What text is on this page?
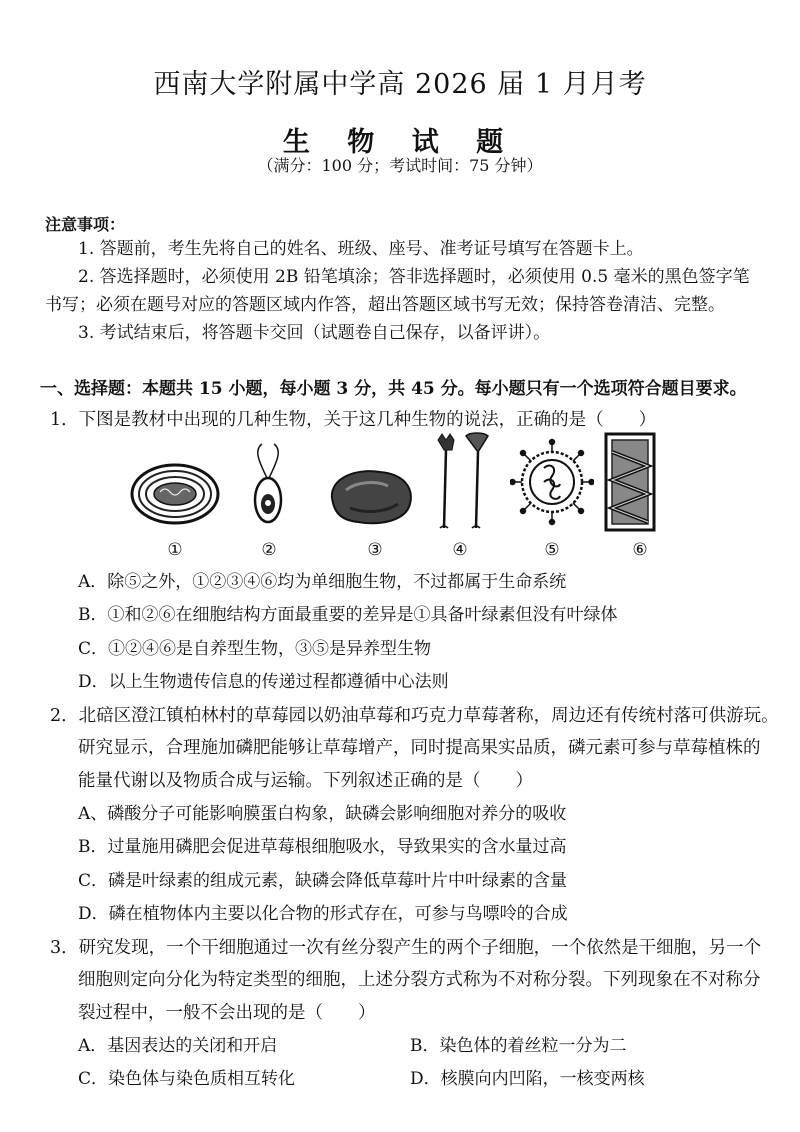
西南大学附属中学高 2026 届 1 月月考
生 物 试 题
（满分：100 分；考试时间：75 分钟）
注意事项：
1. 答题前，考生先将自己的姓名、班级、座号、准考证号填写在答题卡上。
2. 答选择题时，必须使用 2B 铅笔填涂；答非选择题时，必须使用 0.5 毫米的黑色签字笔
书写；必须在题号对应的答题区域内作答，超出答题区域书写无效；保持答卷清洁、完整。
3. 考试结束后，将答题卡交回（试题卷自己保存，以备评讲）。
一、选择题：本题共 15 小题，每小题 3 分，共 45 分。每小题只有一个选项符合题目要求。
1．下图是教材中出现的几种生物，关于这几种生物的说法，正确的是（　　）
①	②	③	④	⑤	⑥
A．除⑤之外，①②③④⑥均为单细胞生物，不过都属于生命系统
B．①和②⑥在细胞结构方面最重要的差异是①具备叶绿素但没有叶绿体
C．①②④⑥是自养型生物，③⑤是异养型生物
D．以上生物遗传信息的传递过程都遵循中心法则
2．北碚区澄江镇柏林村的草莓园以奶油草莓和巧克力草莓著称，周边还有传统村落可供游玩。
研究显示，合理施加磷肥能够让草莓增产，同时提高果实品质，磷元素可参与草莓植株的
能量代谢以及物质合成与运输。下列叙述正确的是（　　）
A、磷酸分子可能影响膜蛋白构象，缺磷会影响细胞对养分的吸收
B．过量施用磷肥会促进草莓根细胞吸水，导致果实的含水量过高
C．磷是叶绿素的组成元素，缺磷会降低草莓叶片中叶绿素的含量
D．磷在植物体内主要以化合物的形式存在，可参与鸟嘌呤的合成
3．研究发现，一个干细胞通过一次有丝分裂产生的两个子细胞，一个依然是干细胞，另一个
细胞则定向分化为特定类型的细胞，上述分裂方式称为不对称分裂。下列现象在不对称分
裂过程中，一般不会出现的是（　　）
A．基因表达的关闭和开启	B．染色体的着丝粒一分为二
C．染色体与染色质相互转化	D．核膜向内凹陷，一核变两核
